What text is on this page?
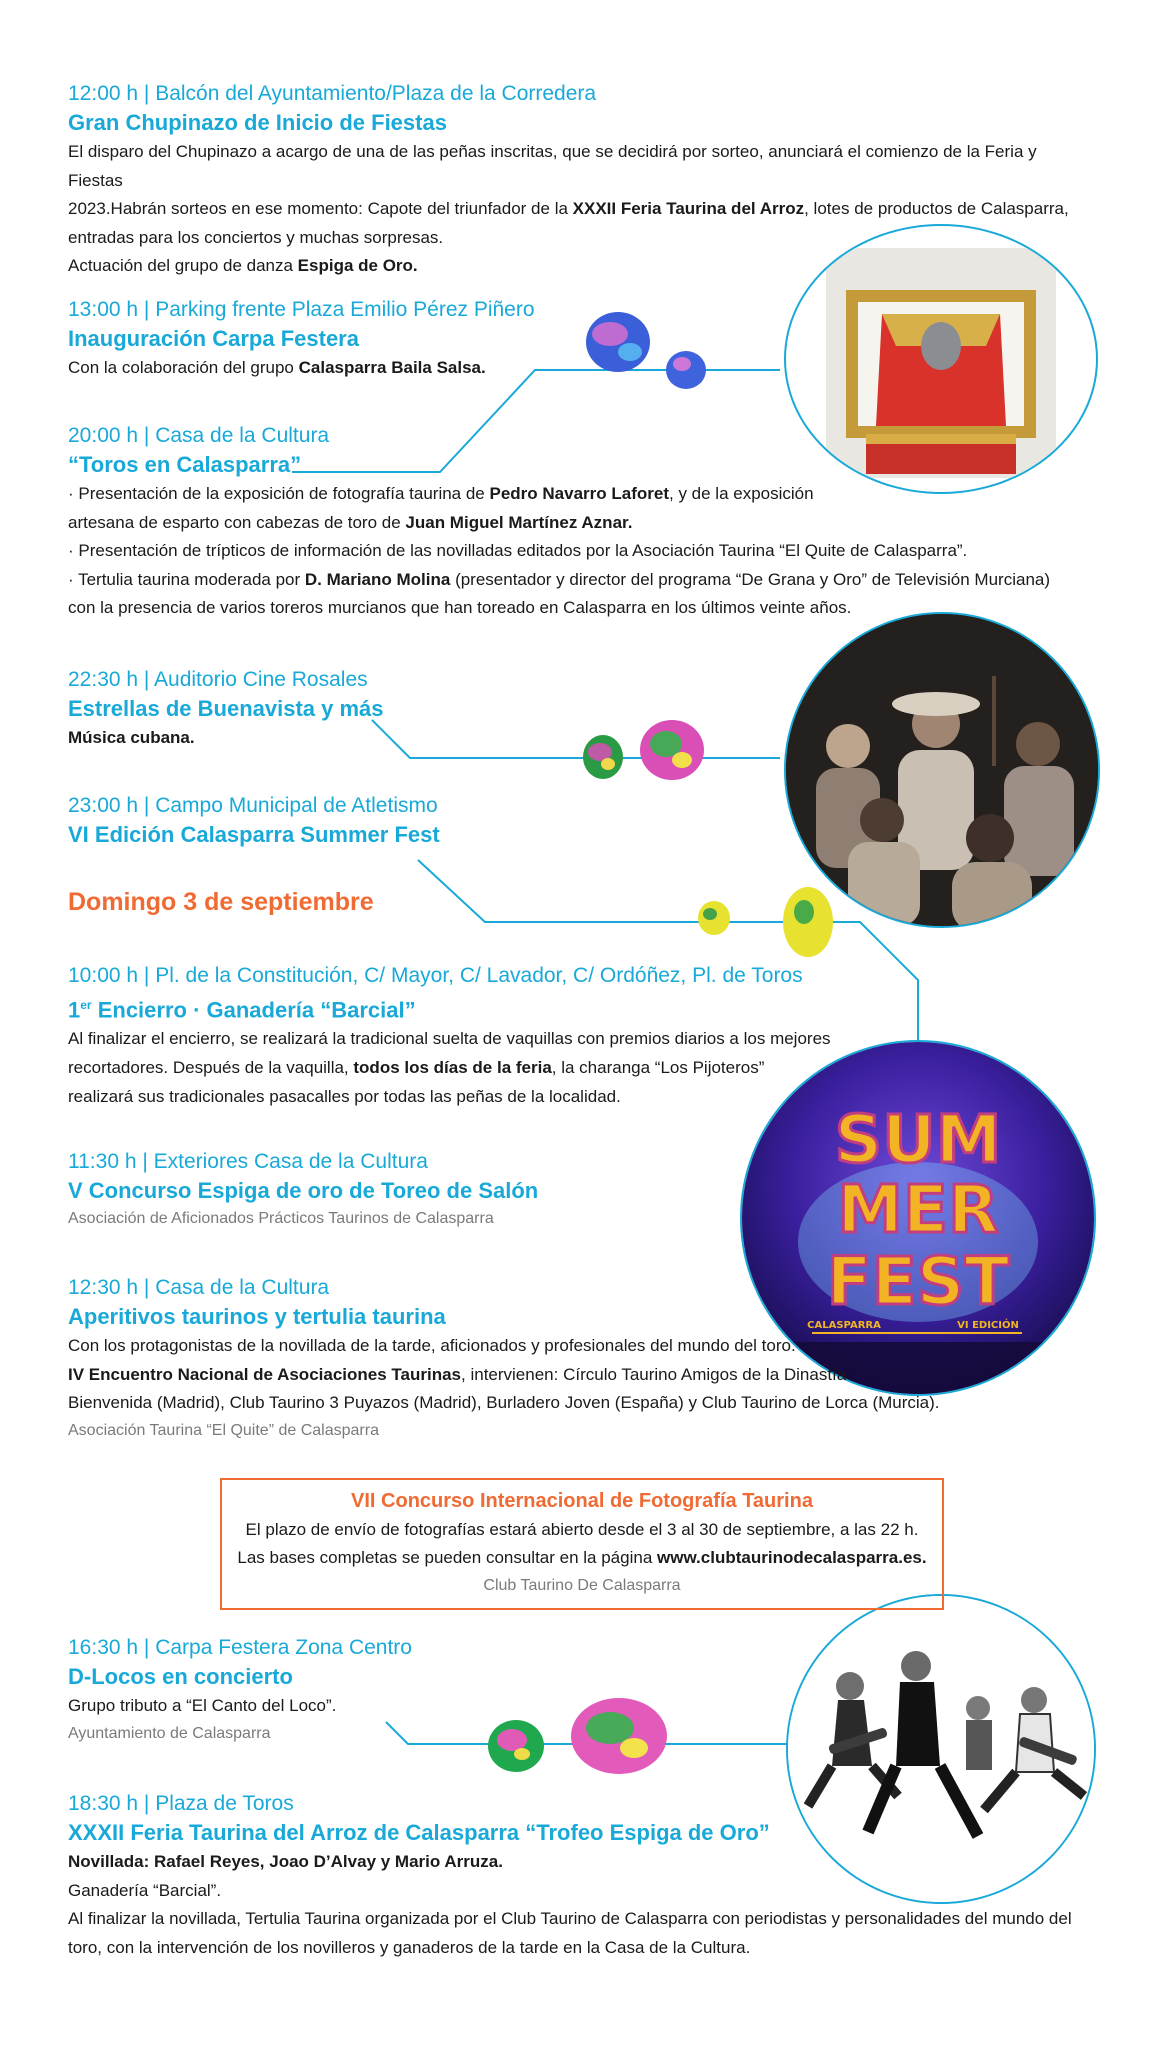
SUM
MER
FEST
CALASPARRA	VI EDICIÓN
12:00 h | Balcón del Ayuntamiento/Plaza de la Corredera
Gran Chupinazo de Inicio de Fiestas

El disparo del Chupinazo a acargo de una de las peñas inscritas, que se decidirá por sorteo, anunciará el comienzo de la Feria y Fiestas

2023.Habrán sorteos en ese momento: Capote del triunfador de la XXXII Feria Taurina del Arroz, lotes de productos de Calasparra,

entradas para los conciertos y muchas sorpresas.

Actuación del grupo de danza Espiga de Oro.

13:00 h | Parking frente Plaza Emilio Pérez Piñero
Inauguración Carpa Festera

Con la colaboración del grupo Calasparra Baila Salsa.

20:00 h | Casa de la Cultura
“Toros en Calasparra”

· Presentación de la exposición de fotografía taurina de Pedro Navarro Laforet, y de la exposición

artesana de esparto con cabezas de toro de Juan Miguel Martínez Aznar.

· Presentación de trípticos de información de las novilladas editados por la Asociación Taurina “El Quite de Calasparra”.

· Tertulia taurina moderada por D. Mariano Molina (presentador y director del programa “De Grana y Oro” de Televisión Murciana)

con la presencia de varios toreros murcianos que han toreado en Calasparra en los últimos veinte años.

22:30 h | Auditorio Cine Rosales
Estrellas de Buenavista y más

Música cubana.

23:00 h | Campo Municipal de Atletismo
VI Edición Calasparra Summer Fest
Domingo 3 de septiembre
10:00 h | Pl. de la Constitución, C/ Mayor, C/ Lavador, C/ Ordóñez, Pl. de Toros
1er Encierro · Ganadería “Barcial”

Al finalizar el encierro, se realizará la tradicional suelta de vaquillas con premios diarios a los mejores

recortadores. Después de la vaquilla, todos los días de la feria, la charanga “Los Pijoteros”

realizará sus tradicionales pasacalles por todas las peñas de la localidad.

11:30 h | Exteriores Casa de la Cultura
V Concurso Espiga de oro de Toreo de Salón
Asociación de Aficionados Prácticos Taurinos de Calasparra
12:30 h | Casa de la Cultura
Aperitivos taurinos y tertulia taurina

Con los protagonistas de la novillada de la tarde, aficionados y profesionales del mundo del toro.

IV Encuentro Nacional de Asociaciones Taurinas, intervienen: Círculo Taurino Amigos de la Dinastía

Bienvenida (Madrid), Club Taurino 3 Puyazos (Madrid), Burladero Joven (España) y Club Taurino de Lorca (Murcia).

Asociación Taurina “El Quite” de Calasparra
VII Concurso Internacional de Fotografía Taurina
El plazo de envío de fotografías estará abierto desde el 3 al 30 de septiembre, a las 22 h.
Las bases completas se pueden consultar en la página www.clubtaurinodecalasparra.es.
Club Taurino De Calasparra
16:30 h | Carpa Festera Zona Centro
D-Locos en concierto

Grupo tributo a “El Canto del Loco”.

Ayuntamiento de Calasparra
18:30 h | Plaza de Toros
XXXII Feria Taurina del Arroz de Calasparra “Trofeo Espiga de Oro”

Novillada: Rafael Reyes, Joao D’Alvay y Mario Arruza.

Ganadería “Barcial”.

Al finalizar la novillada, Tertulia Taurina organizada por el Club Taurino de Calasparra con periodistas y personalidades del mundo del

toro, con la intervención de los novilleros y ganaderos de la tarde en la Casa de la Cultura.
